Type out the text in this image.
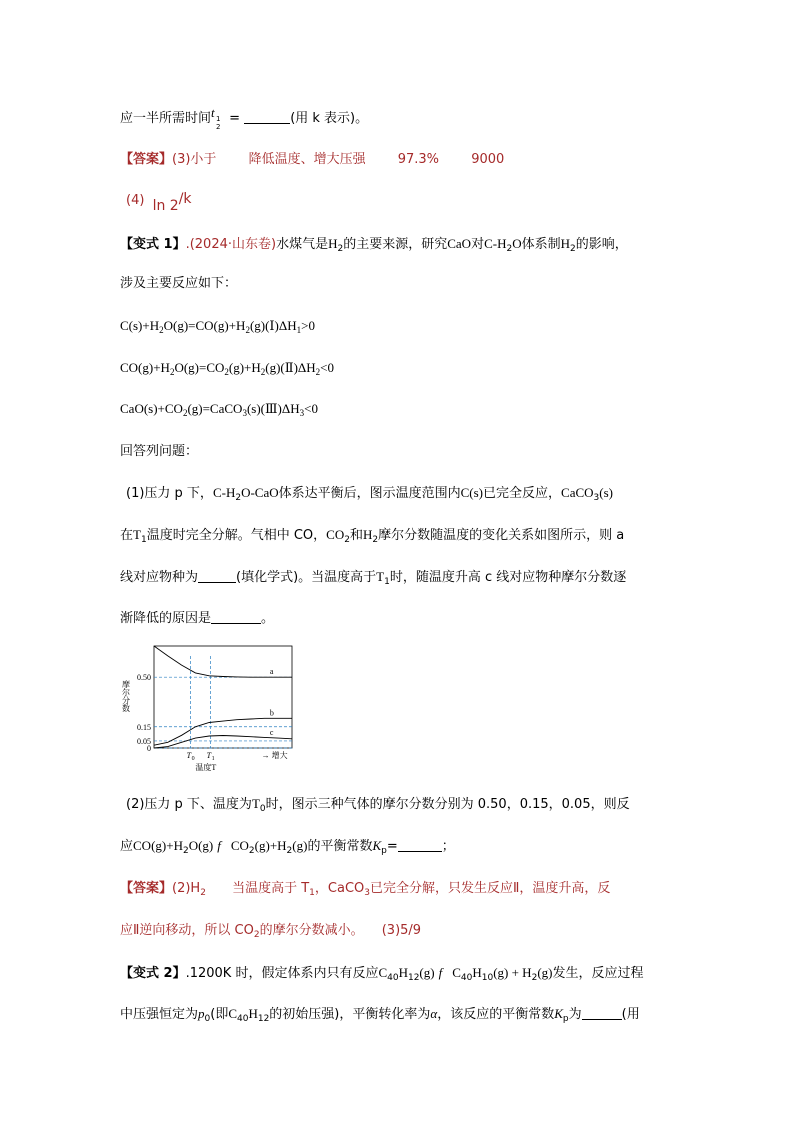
应一半所需时间 t 1
2
=	(用 k 表示)。
【答案】(3)小于 降低温度、增大压强 97.3% 9000
(4) ln 2/k
【变式 1】.(2024·山东卷)水煤气是$H_2$的主要来源，研究CaO对$C-H_2O$体系制$H_2$的影响，
涉及主要反应如下：
$C(s)+H_2O(g)=CO(g)+H_2(g)(Ⅰ)\Delta H_1>0$
$CO(g)+H_2O(g)=CO_2(g)+H_2(g)(Ⅱ)\Delta H_2<0$
$CaO(s)+CO_2(g)=CaCO_3(s)(Ⅲ)\Delta H_3<0$
回答列问题：
(1)压力 p 下，$C-H_2O$-CaO体系达平衡后，图示温度范围内C(s)已完全反应，CaCO$_3$(s)
在$T_1$温度时完全分解。气相中 CO，$CO_2$和$H_2$摩尔分数随温度的变化关系如图所示，则 a
线对应物种为	(填化学式)。当温度高于$T_1$时，随温度升高 c 线对应物种摩尔分数逐
渐降低的原因是	。
0.50
0.15
0.05
0
a
b
c
T 0 T 1	→ 增大
温度T
摩尔分数
(2)压力 p 下、温度为$T_0$时，图示三种气体的摩尔分数分别为 0.50，0.15，0.05，则反
应$CO(g)+H_2O(g)$ f $CO_2(g)+H_2(g)$的平衡常数$K_p=$	；
【答案】$(2)H_2$ 当温度高于 $T_1$，CaCO$_3$已完全分解，只发生反应Ⅱ，温度升高，反
应Ⅱ逆向移动，所以 $CO_2$的摩尔分数减小。 (3)5/9
【变式 2】.1200K 时，假定体系内只有反应$C_{40}H_{12}(g)$ f $C_{40}H_{10}(g) + H_2(g)$发生，反应过程
中压强恒定为$p_0$(即$C_{40}H_{12}$的初始压强)，平衡转化率为α，该反应的平衡常数$K_p$为	(用
